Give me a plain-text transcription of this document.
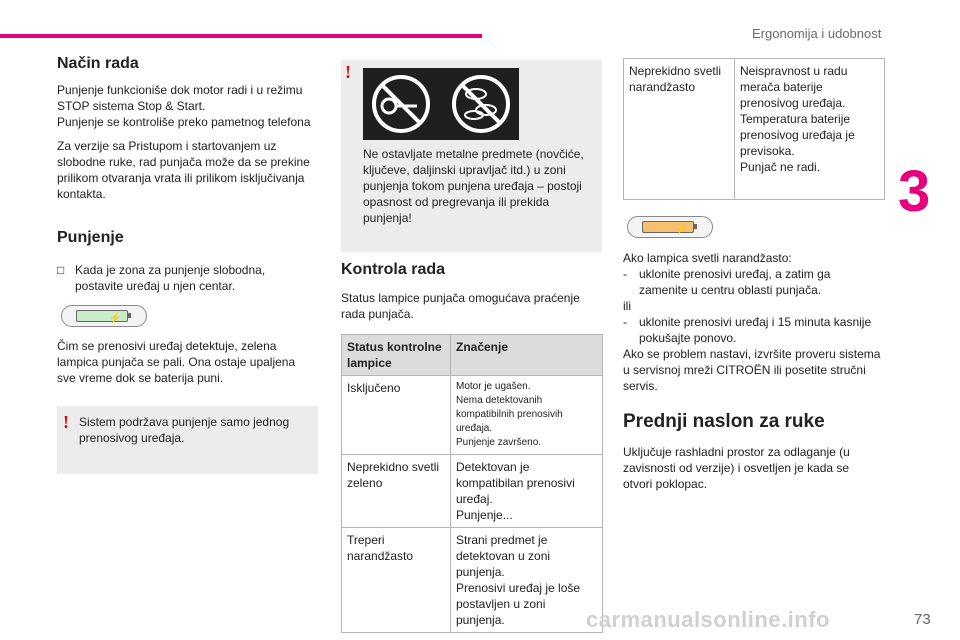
Ergonomija i udobnost
3
Način rada

Punjenje funkcioniše dok motor radi i u režimu STOP sistema Stop & Start.

Punjenje se kontroliše preko pametnog telefona

Za verzije sa Pristupom i startovanjem uz slobodne ruke, rad punjača može da se prekine prilikom otvaranja vrata ili prilikom isključivanja kontakta.

Punjenje
□ Kada je zona za punjenje slobodna, postavite uređaj u njen centar.

⚡

Čim se prenosivi uređaj detektuje, zelena lampica punjača se pali. Ona ostaje upaljena sve vreme dok se baterija puni.

! Sistem podržava punjenje samo jednog prenosivog uređaja.

!

Ne ostavljate metalne predmete (novčiće, ključeve, daljinski upravljač itd.) u zoni punjenja tokom punjena uređaja – postoji opasnost od pregrevanja ili prekida punjenja!

Kontrola rada

Status lampice punjača omogućava praćenje rada punjača.

Status kontrolne lampice	Značenje
Isključeno	Motor je ugašen.
Nema detektovanih kompatibilnih prenosivih uređaja.
Punjenje završeno.
Neprekidno svetli zeleno	Detektovan je kompatibilan prenosivi uređaj.
Punjenje...
Treperi narandžasto	Strani predmet je detektovan u zoni punjenja.
Prenosivi uređaj je loše postavljen u zoni punjenja.
Neprekidno svetli narandžasto	Neispravnost u radu merača baterije prenosivog uređaja.
Temperatura baterije prenosivog uređaja je previsoka.
Punjač ne radi.
⚡

Ako lampica svetli narandžasto:

- uklonite prenosivi uređaj, a zatim ga zamenite u centru oblasti punjača.

ili

- uklonite prenosivi uređaj i 15 minuta kasnije pokušajte ponovo.

Ako se problem nastavi, izvršite proveru sistema u servisnoj mreži CITROËN ili posetite stručni servis.

Prednji naslon za ruke

Uključuje rashladni prostor za odlaganje (u zavisnosti od verzije) i osvetljen je kada se otvori poklopac.

carmanualsonline.info	73
